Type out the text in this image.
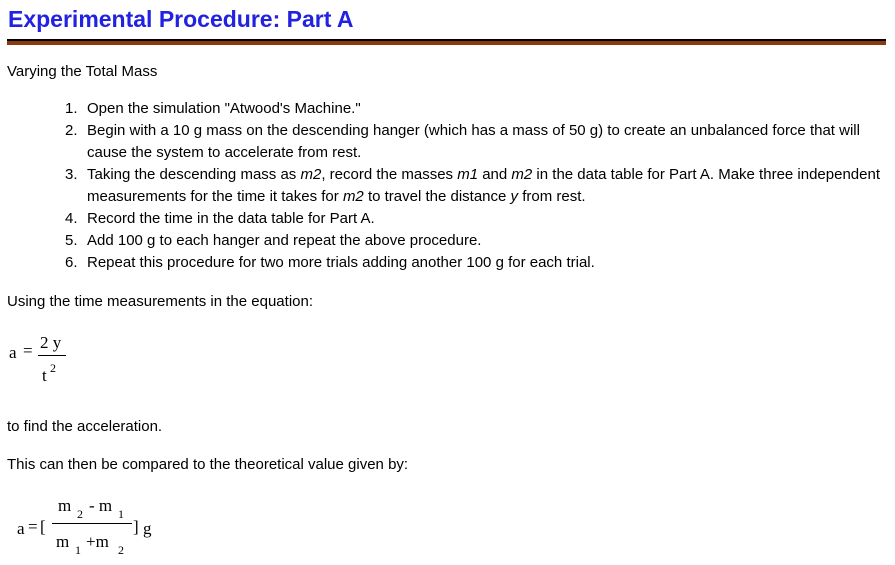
Experimental Procedure: Part A

Varying the Total Mass

1. Open the simulation "Atwood's Machine."
2. Begin with a 10 g mass on the descending hanger (which has a mass of 50 g) to create an unbalanced force that will cause the system to accelerate from rest.
3. Taking the descending mass as m2, record the masses m1 and m2 in the data table for Part A. Make three independent measurements for the time it takes for m2 to travel the distance y from rest.
4. Record the time in the data table for Part A.
5. Add 100 g to each hanger and repeat the above procedure.
6. Repeat this procedure for two more trials adding another 100 g for each trial.

Using the time measurements in the equation:

a = 2 y
t 2

to find the acceleration.

This can then be compared to the theoretical value given by:

a = [
m 2 - m 1
m 1 +m 2
] g
